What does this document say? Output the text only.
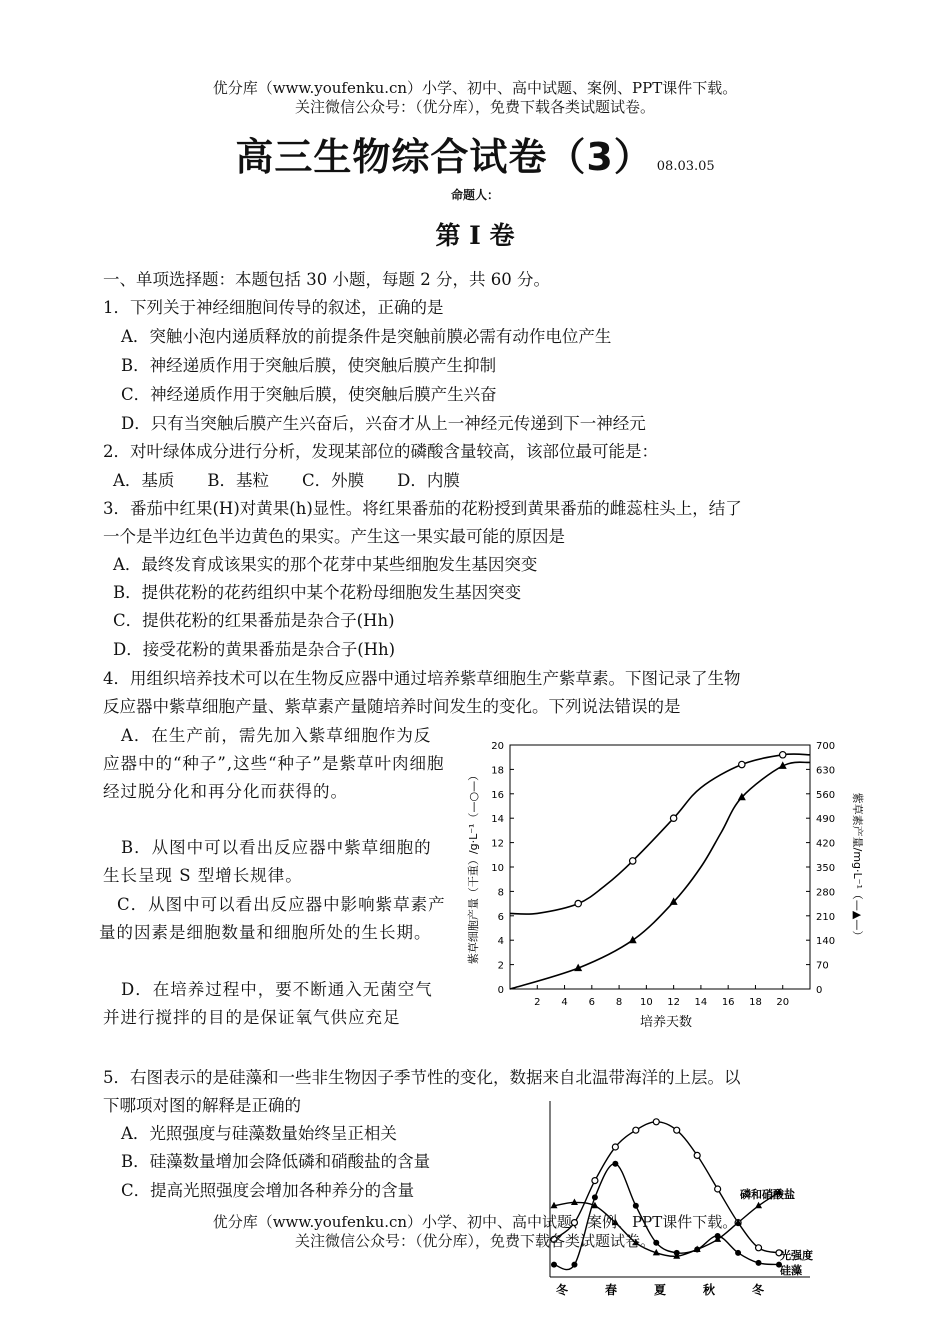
优分库（www.youfenku.cn）小学、初中、高中试题、案例、PPT课件下载。
关注微信公众号：（优分库），免费下载各类试题试卷。
高三生物综合试卷（3） 08.03.05
命题人：
第 I 卷
一、单项选择题：本题包括 30 小题，每题 2 分，共 60 分。
1．下列关于神经细胞间传导的叙述，正确的是
A．突触小泡内递质释放的前提条件是突触前膜必需有动作电位产生
B．神经递质作用于突触后膜，使突触后膜产生抑制
C．神经递质作用于突触后膜，使突触后膜产生兴奋
D．只有当突触后膜产生兴奋后，兴奋才从上一神经元传递到下一神经元
2．对叶绿体成分进行分析，发现某部位的磷酸含量较高，该部位最可能是：
A．基质　　B．基粒　　C．外膜　　D．内膜
3．番茄中红果(H)对黄果(h)显性。将红果番茄的花粉授到黄果番茄的雌蕊柱头上，结了
一个是半边红色半边黄色的果实。产生这一果实最可能的原因是
A．最终发育成该果实的那个花芽中某些细胞发生基因突变
B．提供花粉的花药组织中某个花粉母细胞发生基因突变
C．提供花粉的红果番茄是杂合子(Hh)
D．接受花粉的黄果番茄是杂合子(Hh)
4．用组织培养技术可以在生物反应器中通过培养紫草细胞生产紫草素。下图记录了生物
反应器中紫草细胞产量、紫草素产量随培养时间发生的变化。下列说法错误的是
A．在生产前，需先加入紫草细胞作为反应器中的“种子”,这些“种子”是紫草叶肉细胞经过脱分化和再分化而获得的。
B．从图中可以看出反应器中紫草细胞的生长呈现 S 型增长规律。
C．从图中可以看出反应器中影响紫草素产量的因素是细胞数量和细胞所处的生长期。
D．在培养过程中，要不断通入无菌空气并进行搅拌的目的是保证氧气供应充足
0
2
4
6
8
10
12
14
16
18
20
0
70
140
210
280
350
420
490
560
630
700
2 4 6 8 10 12 14 16 18 20
培养天数
紫草细胞产量（干重）/g·L⁻¹（—○—）	紫草素产量/mg·L⁻¹（—▲—）
5．右图表示的是硅藻和一些非生物因子季节性的变化，数据来自北温带海洋的上层。以
下哪项对图的解释是正确的
A．光照强度与硅藻数量始终呈正相关
B．硅藻数量增加会降低磷和硝酸盐的含量
C．提高光照强度会增加各种养分的含量
冬	春	夏	秋	冬
磷和硝酸盐
光强度
硅藻
优分库（www.youfenku.cn）小学、初中、高中试题、案例、PPT课件下载。
关注微信公众号：（优分库），免费下载各类试题试卷。
